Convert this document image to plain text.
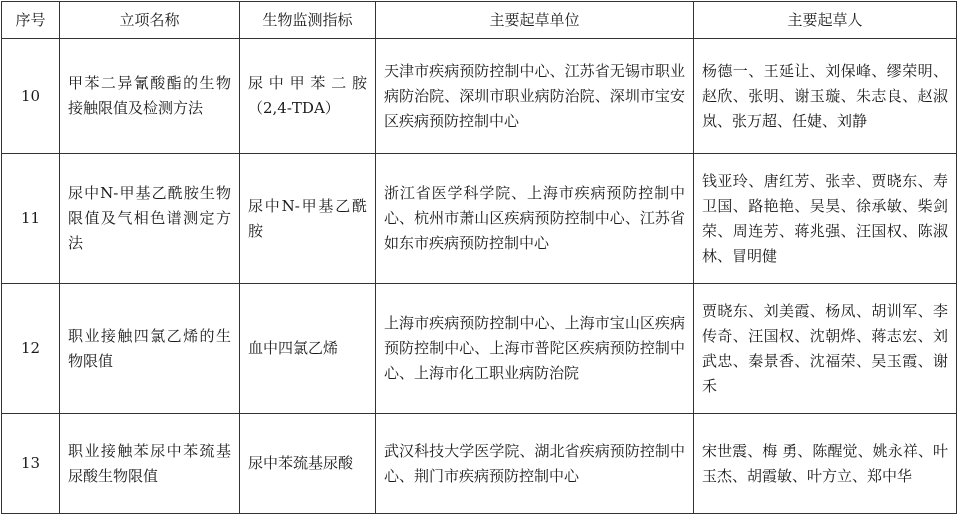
序号	立项名称	生物监测指标	主要起草单位	主要起草人
10	甲苯二异氰酸酯的生物接触限值及检测方法	尿中甲苯二胺（2,4-TDA）	天津市疾病预防控制中心、江苏省无锡市职业病防治院、深圳市职业病防治院、深圳市宝安区疾病预防控制中心	杨德一、王延让、刘保峰、缪荣明、赵欣、张明、谢玉璇、朱志良、赵淑岚、张万超、任婕、刘静
11	尿中N-甲基乙酰胺生物限值及气相色谱测定方法	尿中N-甲基乙酰胺	浙江省医学科学院、上海市疾病预防控制中心、杭州市萧山区疾病预防控制中心、江苏省如东市疾病预防控制中心	钱亚玲、唐红芳、张幸、贾晓东、寿卫国、路艳艳、吴昊、徐承敏、柴剑荣、周连芳、蒋兆强、汪国权、陈淑林、冒明健
12	职业接触四氯乙烯的生物限值	血中四氯乙烯	上海市疾病预防控制中心、上海市宝山区疾病预防控制中心、上海市普陀区疾病预防控制中心、上海市化工职业病防治院	贾晓东、刘美霞、杨凤、胡训军、李传奇、汪国权、沈朝烨、蒋志宏、刘武忠、秦景香、沈福荣、吴玉霞、谢禾
13	职业接触苯尿中苯巯基尿酸生物限值	尿中苯巯基尿酸	武汉科技大学医学院、湖北省疾病预防控制中心、荆门市疾病预防控制中心	宋世震、梅 勇、陈醒觉、姚永祥、叶玉杰、胡霞敏、叶方立、郑中华
